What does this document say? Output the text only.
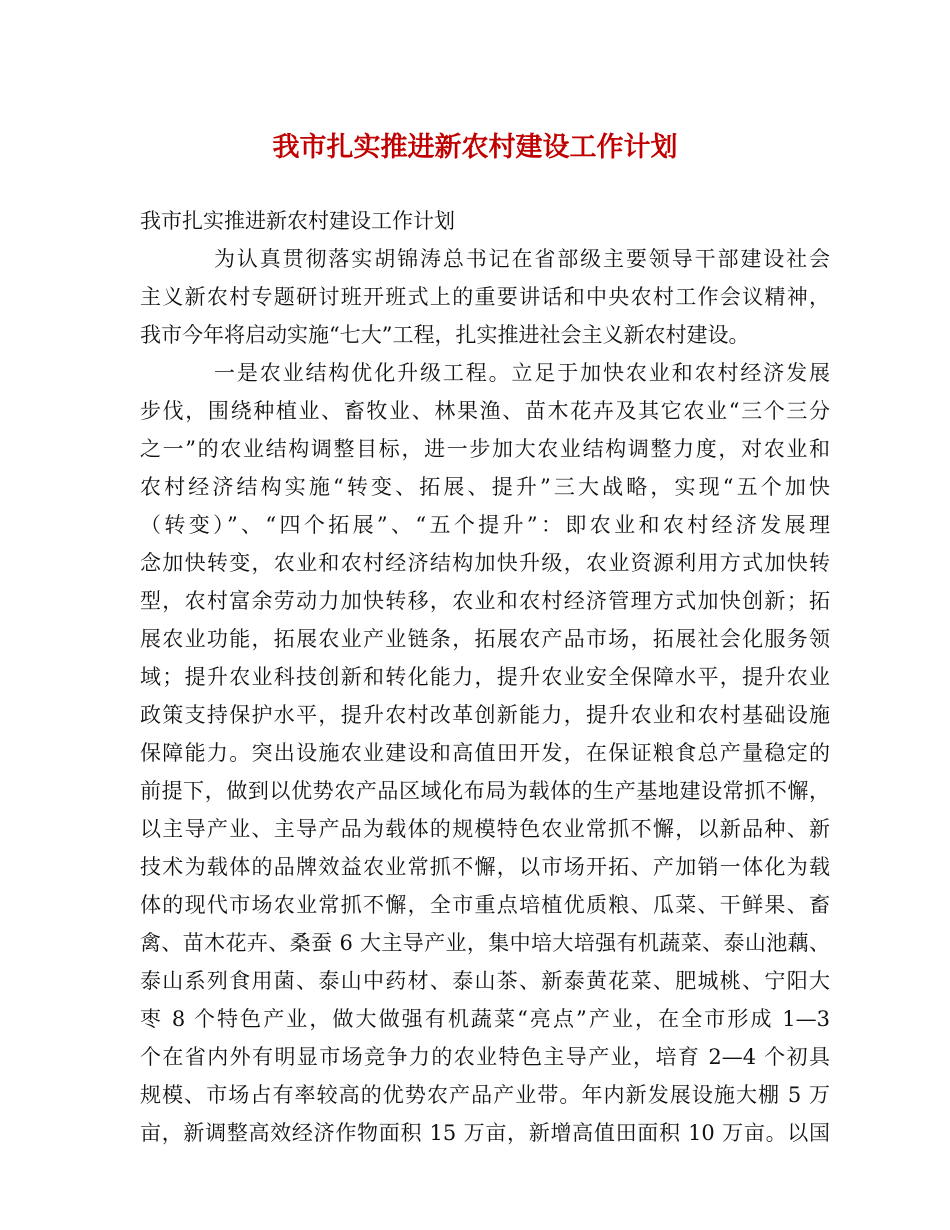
我市扎实推进新农村建设工作计划
我市扎实推进新农村建设工作计划
为认真贯彻落实胡锦涛总书记在省部级主要领导干部建设社会
主义新农村专题研讨班开班式上的重要讲话和中央农村工作会议精神，
我市今年将启动实施“七大”工程，扎实推进社会主义新农村建设。
一是农业结构优化升级工程。立足于加快农业和农村经济发展
步伐，围绕种植业、畜牧业、林果渔、苗木花卉及其它农业“三个三分
之一”的农业结构调整目标，进一步加大农业结构调整力度，对农业和
农村经济结构实施“转变、拓展、提升”三大战略，实现“五个加快
（转变）”、“四个拓展”、“五个提升”：即农业和农村经济发展理
念加快转变，农业和农村经济结构加快升级，农业资源利用方式加快转
型，农村富余劳动力加快转移，农业和农村经济管理方式加快创新；拓
展农业功能，拓展农业产业链条，拓展农产品市场，拓展社会化服务领
域；提升农业科技创新和转化能力，提升农业安全保障水平，提升农业
政策支持保护水平，提升农村改革创新能力，提升农业和农村基础设施
保障能力。突出设施农业建设和高值田开发，在保证粮食总产量稳定的
前提下，做到以优势农产品区域化布局为载体的生产基地建设常抓不懈，
以主导产业、主导产品为载体的规模特色农业常抓不懈，以新品种、新
技术为载体的品牌效益农业常抓不懈，以市场开拓、产加销一体化为载
体的现代市场农业常抓不懈，全市重点培植优质粮、瓜菜、干鲜果、畜
禽、苗木花卉、桑蚕 6 大主导产业，集中培大培强有机蔬菜、泰山池藕、
泰山系列食用菌、泰山中药材、泰山茶、新泰黄花菜、肥城桃、宁阳大
枣 8 个特色产业，做大做强有机蔬菜“亮点”产业，在全市形成 1—3
个在省内外有明显市场竞争力的农业特色主导产业，培育 2—4 个初具
规模、市场占有率较高的优势农产品产业带。年内新发展设施大棚 5 万
亩，新调整高效经济作物面积 15 万亩，新增高值田面积 10 万亩。以国
